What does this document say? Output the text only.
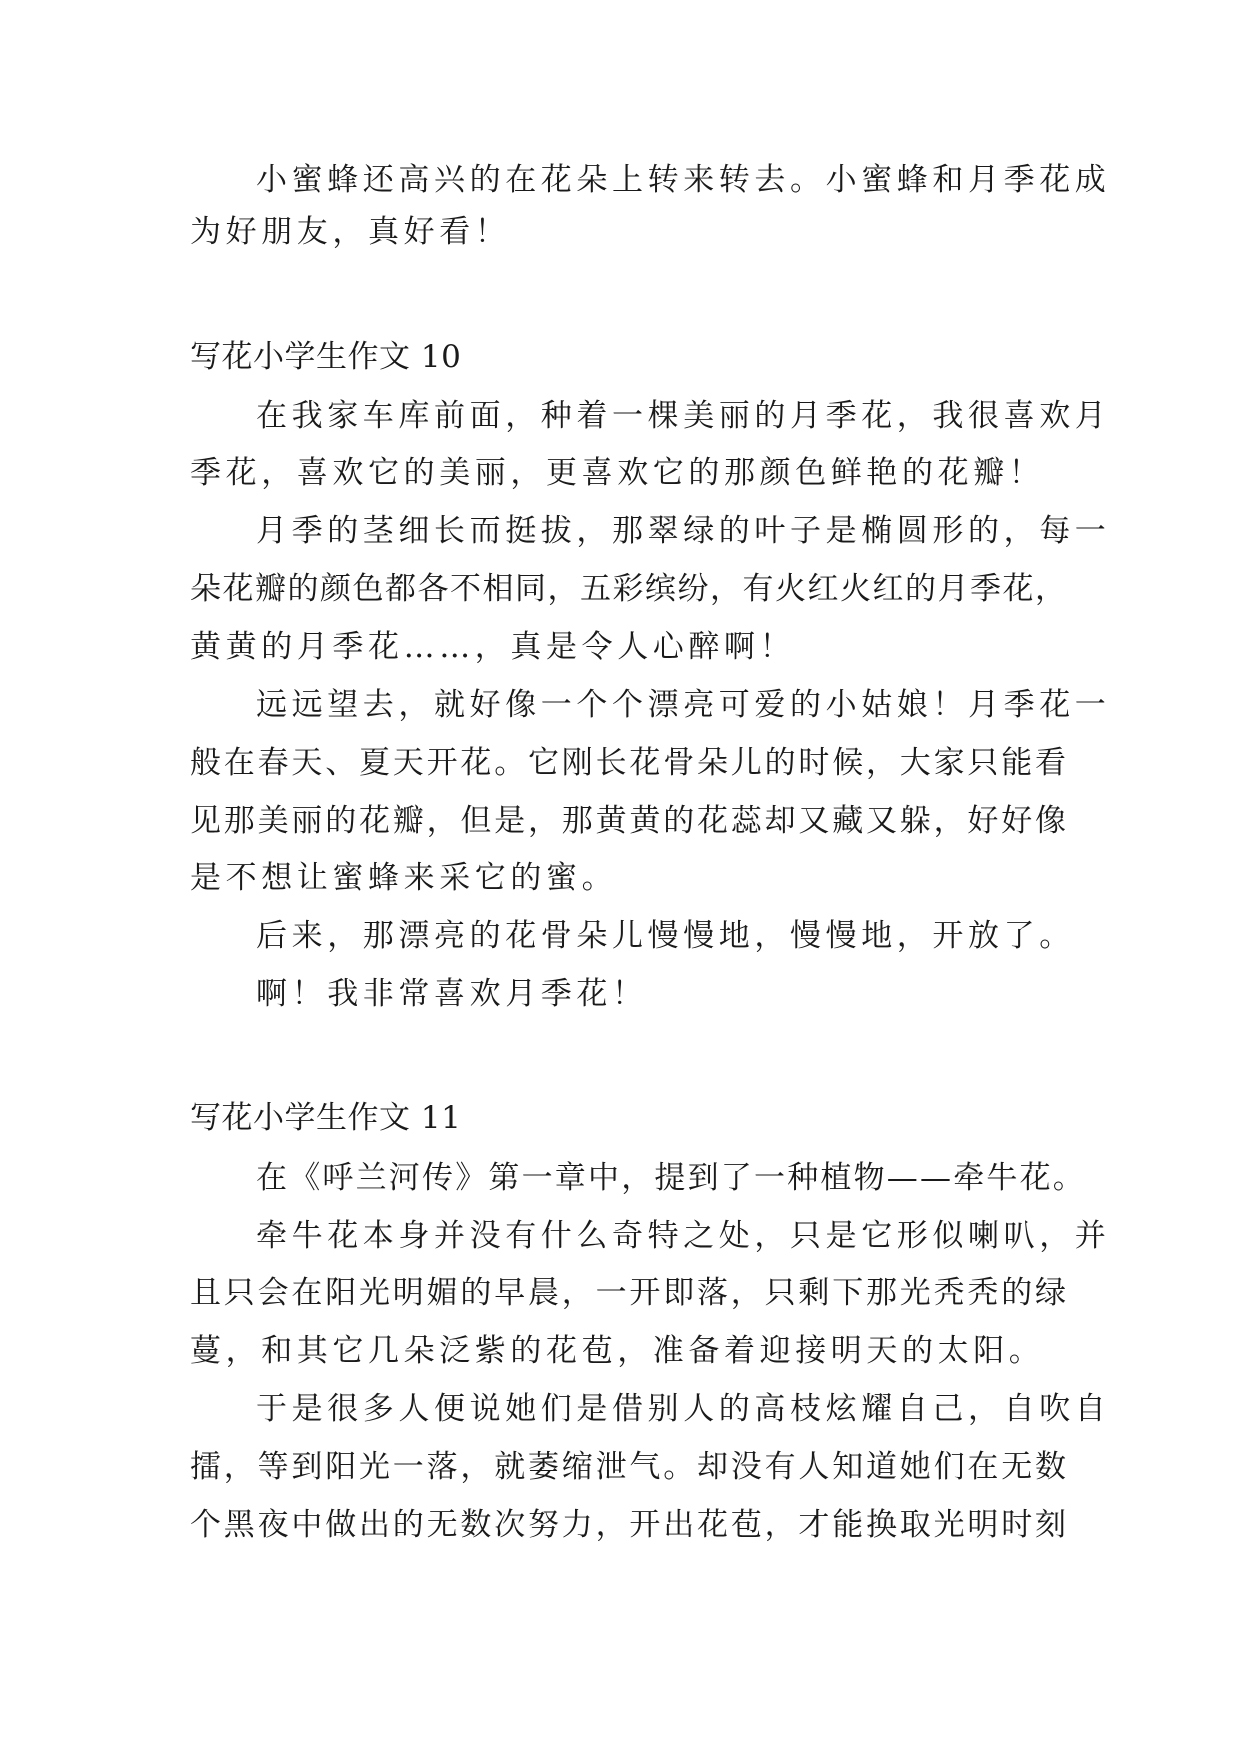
小蜜蜂还高兴的在花朵上转来转去。小蜜蜂和月季花成
为好朋友，真好看！
写花小学生作文 10
在我家车库前面，种着一棵美丽的月季花，我很喜欢月
季花，喜欢它的美丽，更喜欢它的那颜色鲜艳的花瓣！
月季的茎细长而挺拔，那翠绿的叶子是椭圆形的，每一
朵花瓣的颜色都各不相同，五彩缤纷，有火红火红的月季花，
黄黄的月季花……，真是令人心醉啊！
远远望去，就好像一个个漂亮可爱的小姑娘！月季花一
般在春天、夏天开花。它刚长花骨朵儿的时候，大家只能看
见那美丽的花瓣，但是，那黄黄的花蕊却又藏又躲，好好像
是不想让蜜蜂来采它的蜜。
后来，那漂亮的花骨朵儿慢慢地，慢慢地，开放了。
啊！我非常喜欢月季花！
写花小学生作文 11
在《呼兰河传》第一章中，提到了一种植物——牵牛花。
牵牛花本身并没有什么奇特之处，只是它形似喇叭，并
且只会在阳光明媚的早晨，一开即落，只剩下那光秃秃的绿
蔓，和其它几朵泛紫的花苞，准备着迎接明天的太阳。
于是很多人便说她们是借别人的高枝炫耀自己，自吹自
擂，等到阳光一落，就萎缩泄气。却没有人知道她们在无数
个黑夜中做出的无数次努力，开出花苞，才能换取光明时刻
